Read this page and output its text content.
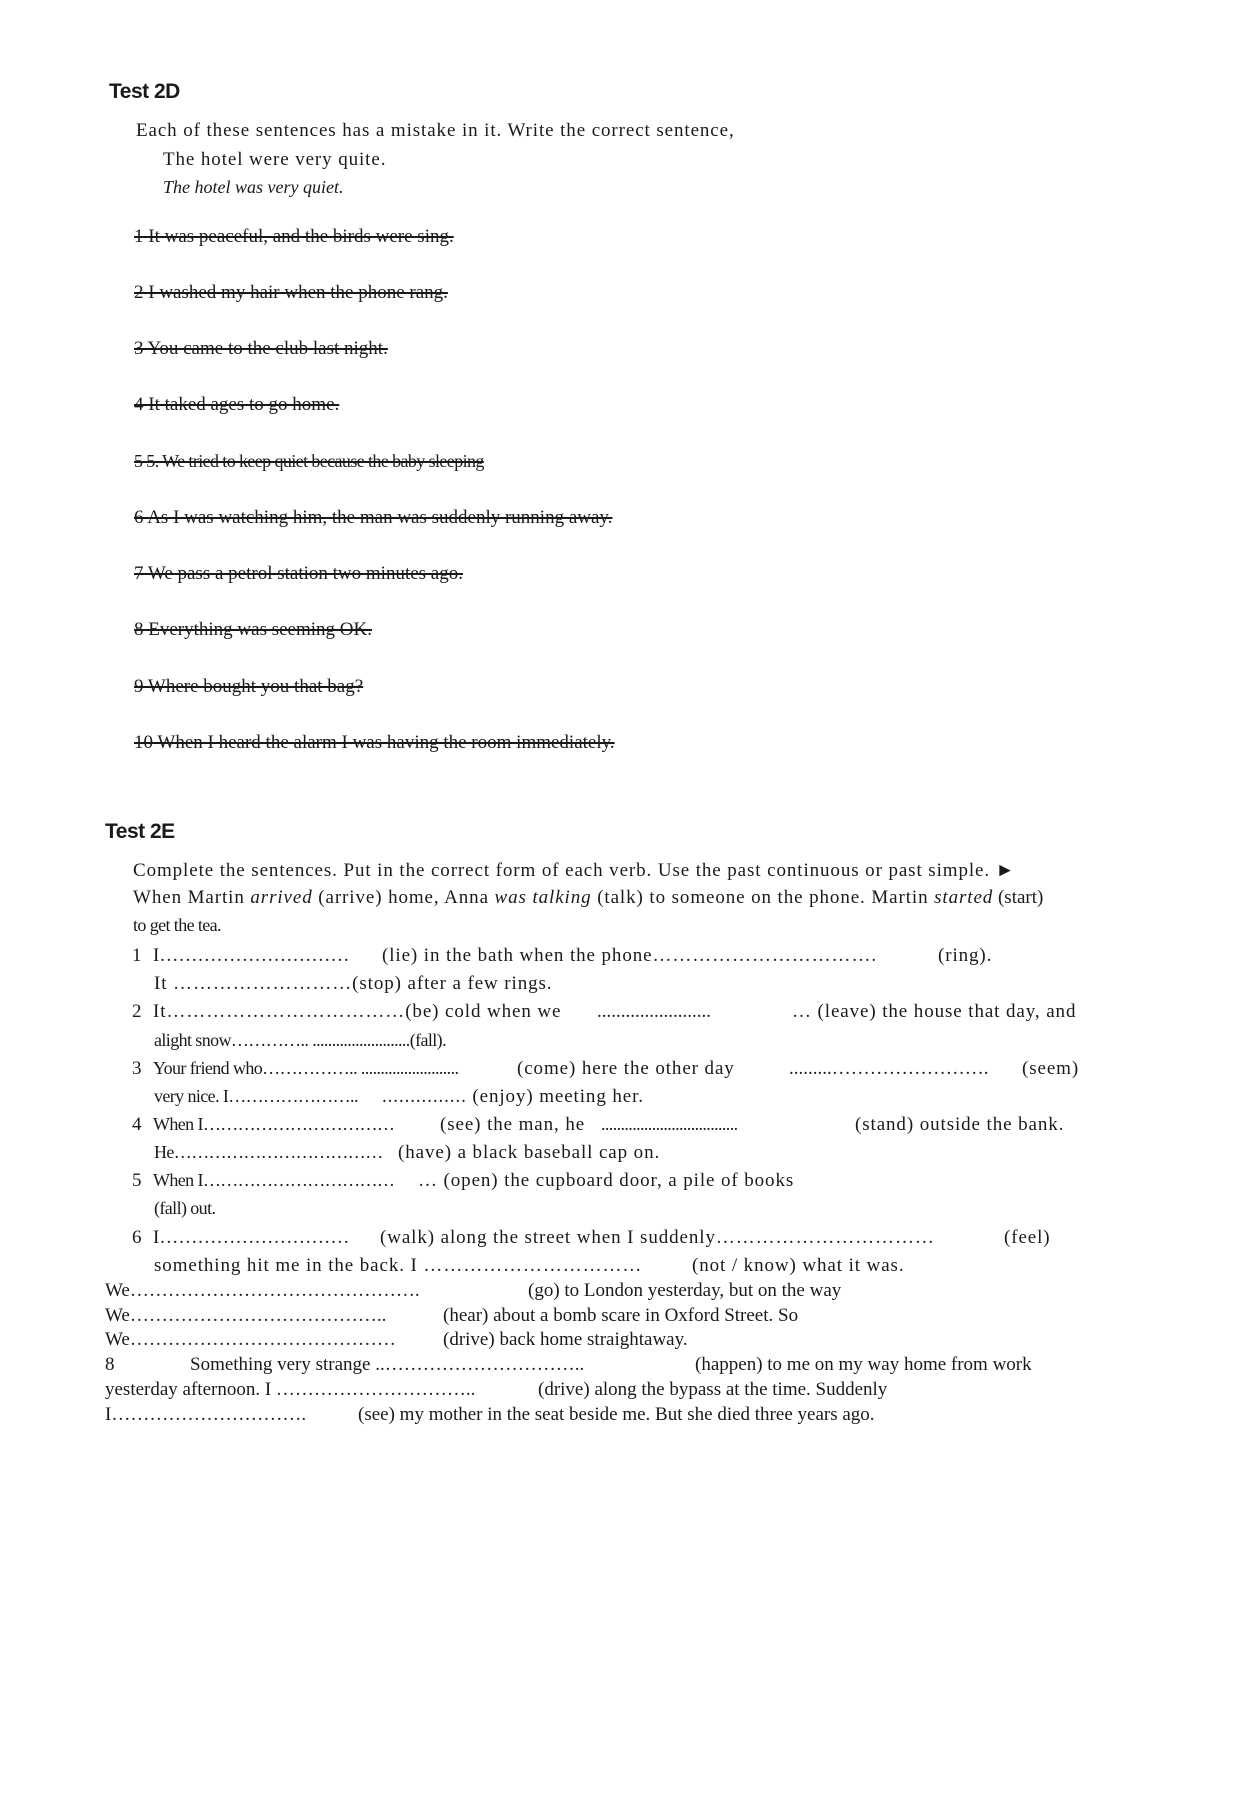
Test 2D
Each of these sentences has a mistake in it. Write the correct sentence,
The hotel were very quite.
The hotel was very quiet.
1 It was peaceful, and the birds were sing.
2 I washed my hair when the phone rang.
3 You came to the club last night.
4 It taked ages to go home.
5 5. We tried to keep quiet because the baby sleeping
6 As I was watching him, the man was suddenly running away.
7 We pass a petrol station two minutes ago.
8 Everything was seeming OK.
9 Where bought you that bag?
10 When I heard the alarm I was having the room immediately.
Test 2E
Complete the sentences. Put in the correct form of each verb. Use the past continuous or past simple. ►
When Martin arrived (arrive) home, Anna was talking (talk) to someone on the phone. Martin started (start)
to get the tea.
1 I………………………… (lie) in the bath when the phone…………………………….	(ring).
It ………………………(stop) after a few rings.
2 It………………………………(be) cold when we ........................	… (leave) the house that day, and
alight snow………….. .........................(fall).
3 Your friend who…………….. .........................	(come) here the other day	.........……………………. (seem)
very nice. I………………….. ............... (enjoy) meeting her.
4 When I…………………………… (see) the man, he ...................................	(stand) outside the bank.
He……………………………… (have) a black baseball cap on.
5 When I…………………………… … (open) the cupboard door, a pile of books
(fall) out.
6 I………………………… (walk) along the street when I suddenly……………………………	(feel)
something hit me in the back. I ……………………………	(not / know) what it was.
We……………………………………….	(go) to London yesterday, but on the way
We…………………………………..	(hear) about a bomb scare in Oxford Street. So
We…………………………………… (drive) back home straightaway.
8	Something very strange ..…………………………..	(happen) to me on my way home from work
yesterday afternoon. I …………………………..	(drive) along the bypass at the time. Suddenly
I………………………….	(see) my mother in the seat beside me. But she died three years ago.
